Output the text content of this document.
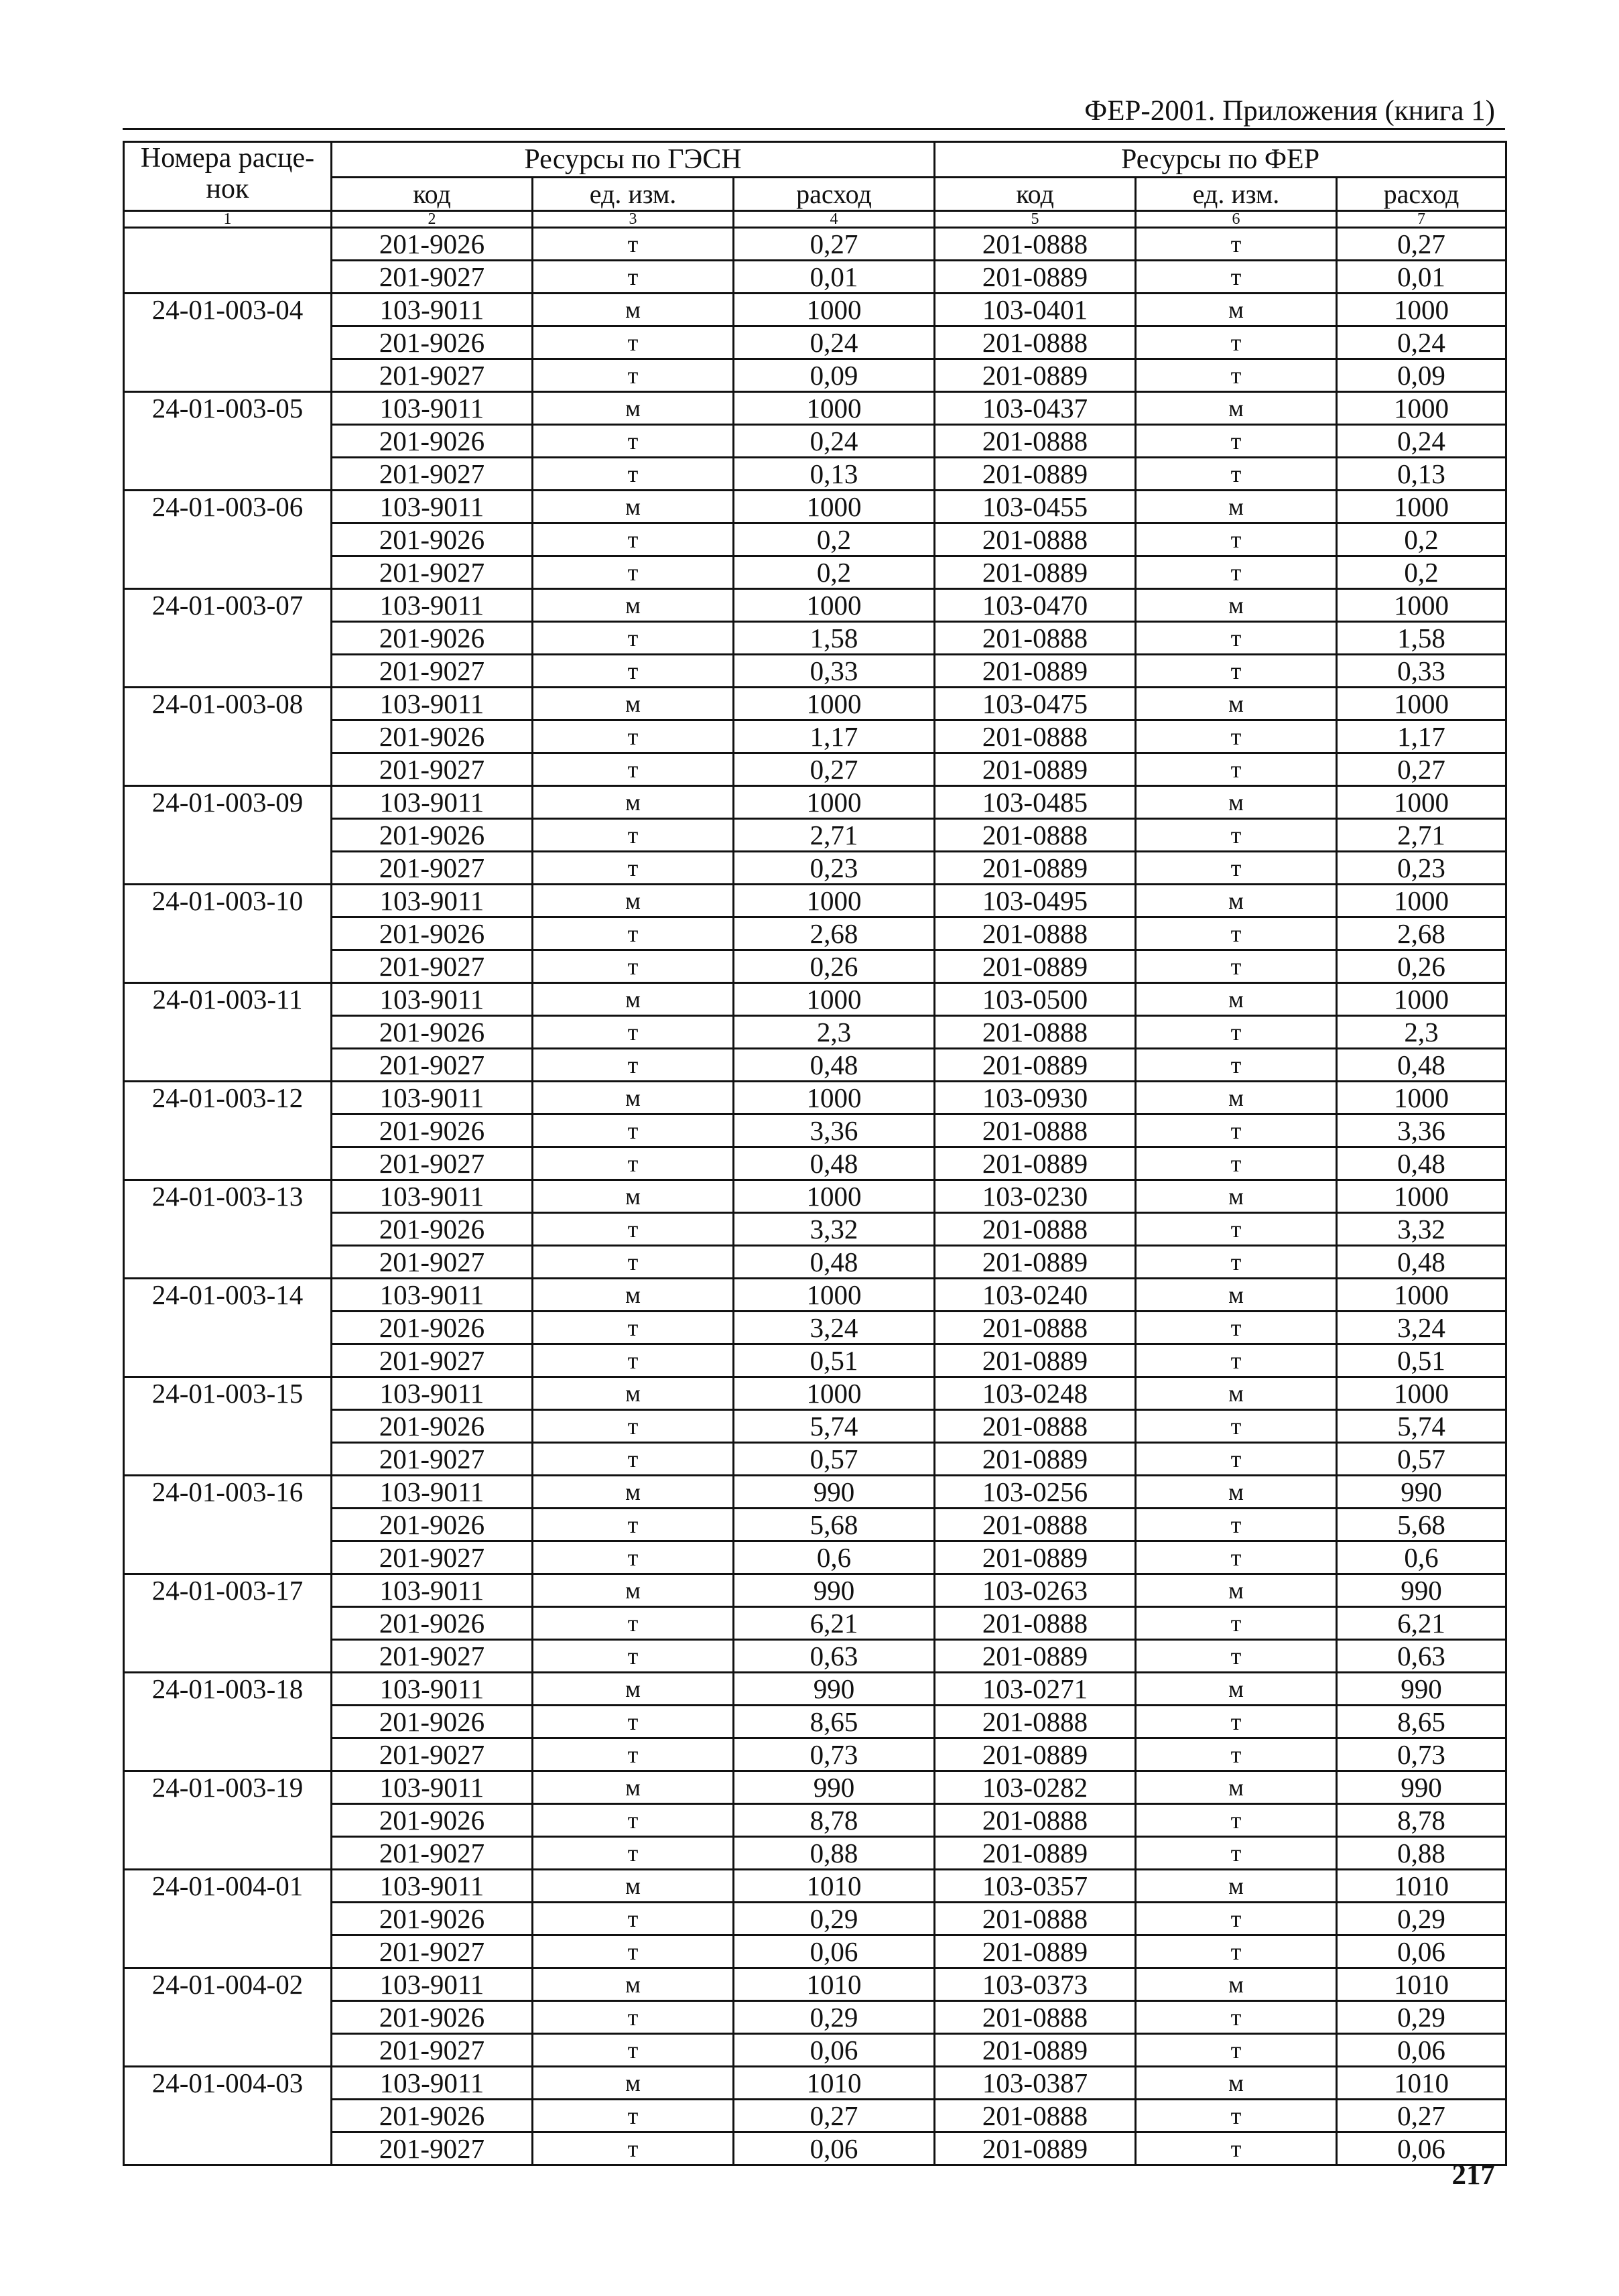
ФЕР-2001. Приложения (книга 1)
Номера расце-
нок	Ресурсы по ГЭСН			Ресурсы по ФЕР		
	код	ед. изм.	расход	код	ед. изм.	расход
1	2	3	4	5	6	7
	201-9026	т	0,27	201-0888	т	0,27
	201-9027	т	0,01	201-0889	т	0,01
24-01-003-04	103-9011	м	1000	103-0401	м	1000
	201-9026	т	0,24	201-0888	т	0,24
	201-9027	т	0,09	201-0889	т	0,09
24-01-003-05	103-9011	м	1000	103-0437	м	1000
	201-9026	т	0,24	201-0888	т	0,24
	201-9027	т	0,13	201-0889	т	0,13
24-01-003-06	103-9011	м	1000	103-0455	м	1000
	201-9026	т	0,2	201-0888	т	0,2
	201-9027	т	0,2	201-0889	т	0,2
24-01-003-07	103-9011	м	1000	103-0470	м	1000
	201-9026	т	1,58	201-0888	т	1,58
	201-9027	т	0,33	201-0889	т	0,33
24-01-003-08	103-9011	м	1000	103-0475	м	1000
	201-9026	т	1,17	201-0888	т	1,17
	201-9027	т	0,27	201-0889	т	0,27
24-01-003-09	103-9011	м	1000	103-0485	м	1000
	201-9026	т	2,71	201-0888	т	2,71
	201-9027	т	0,23	201-0889	т	0,23
24-01-003-10	103-9011	м	1000	103-0495	м	1000
	201-9026	т	2,68	201-0888	т	2,68
	201-9027	т	0,26	201-0889	т	0,26
24-01-003-11	103-9011	м	1000	103-0500	м	1000
	201-9026	т	2,3	201-0888	т	2,3
	201-9027	т	0,48	201-0889	т	0,48
24-01-003-12	103-9011	м	1000	103-0930	м	1000
	201-9026	т	3,36	201-0888	т	3,36
	201-9027	т	0,48	201-0889	т	0,48
24-01-003-13	103-9011	м	1000	103-0230	м	1000
	201-9026	т	3,32	201-0888	т	3,32
	201-9027	т	0,48	201-0889	т	0,48
24-01-003-14	103-9011	м	1000	103-0240	м	1000
	201-9026	т	3,24	201-0888	т	3,24
	201-9027	т	0,51	201-0889	т	0,51
24-01-003-15	103-9011	м	1000	103-0248	м	1000
	201-9026	т	5,74	201-0888	т	5,74
	201-9027	т	0,57	201-0889	т	0,57
24-01-003-16	103-9011	м	990	103-0256	м	990
	201-9026	т	5,68	201-0888	т	5,68
	201-9027	т	0,6	201-0889	т	0,6
24-01-003-17	103-9011	м	990	103-0263	м	990
	201-9026	т	6,21	201-0888	т	6,21
	201-9027	т	0,63	201-0889	т	0,63
24-01-003-18	103-9011	м	990	103-0271	м	990
	201-9026	т	8,65	201-0888	т	8,65
	201-9027	т	0,73	201-0889	т	0,73
24-01-003-19	103-9011	м	990	103-0282	м	990
	201-9026	т	8,78	201-0888	т	8,78
	201-9027	т	0,88	201-0889	т	0,88
24-01-004-01	103-9011	м	1010	103-0357	м	1010
	201-9026	т	0,29	201-0888	т	0,29
	201-9027	т	0,06	201-0889	т	0,06
24-01-004-02	103-9011	м	1010	103-0373	м	1010
	201-9026	т	0,29	201-0888	т	0,29
	201-9027	т	0,06	201-0889	т	0,06
24-01-004-03	103-9011	м	1010	103-0387	м	1010
	201-9026	т	0,27	201-0888	т	0,27
	201-9027	т	0,06	201-0889	т	0,06
217
